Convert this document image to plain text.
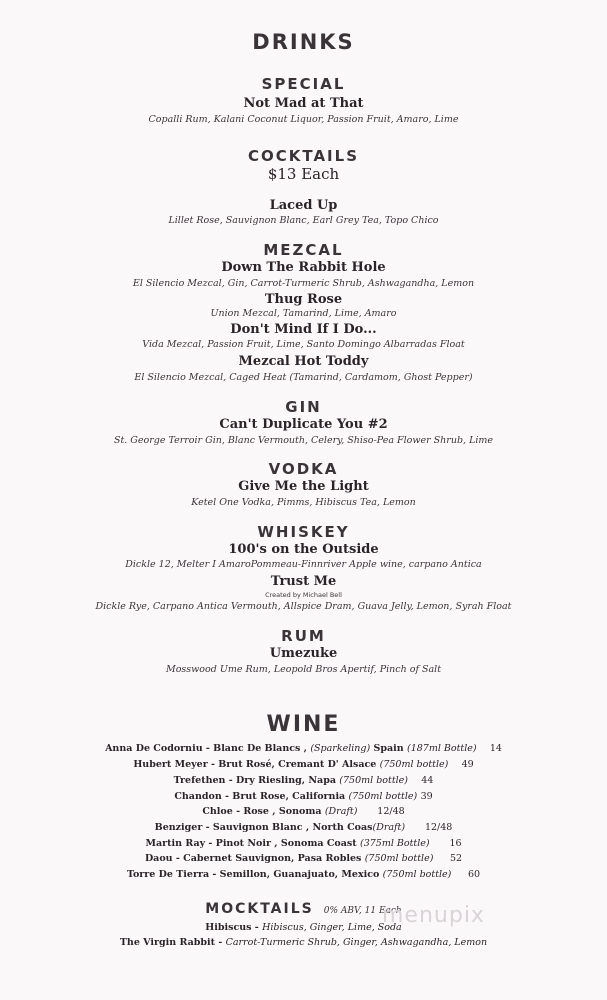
DRINKS
SPECIAL
Not Mad at That
Copalli Rum, Kalani Coconut Liquor, Passion Fruit, Amaro, Lime
COCKTAILS
$13 Each
Laced Up
Lillet Rose, Sauvignon Blanc, Earl Grey Tea, Topo Chico
MEZCAL
Down The Rabbit Hole
El Silencio Mezcal, Gin, Carrot-Turmeric Shrub, Ashwagandha, Lemon
Thug Rose
Union Mezcal, Tamarind, Lime, Amaro
Don't Mind If I Do...
Vida Mezcal, Passion Fruit, Lime, Santo Domingo Albarradas Float
Mezcal Hot Toddy
El Silencio Mezcal, Caged Heat (Tamarind, Cardamom, Ghost Pepper)
GIN
Can't Duplicate You #2
St. George Terroir Gin, Blanc Vermouth, Celery, Shiso-Pea Flower Shrub, Lime
VODKA
Give Me the Light
Ketel One Vodka, Pimms, Hibiscus Tea, Lemon
WHISKEY
100's on the Outside
Dickle 12, Melter I AmaroPommeau-Finnriver Apple wine, carpano Antica
Trust Me
Created by Michael Bell
Dickle Rye, Carpano Antica Vermouth, Allspice Dram, Guava Jelly, Lemon, Syrah Float
RUM
Umezuke
Mosswood Ume Rum, Leopold Bros Apertif, Pinch of Salt
WINE
Anna De Codorniu - Blanc De Blancs , (Sparkeling) Spain (187ml Bottle) 14
Hubert Meyer - Brut Rosé, Cremant D' Alsace (750ml bottle) 49
Trefethen - Dry Riesling, Napa (750ml bottle) 44
Chandon - Brut Rose, California (750ml bottle) 39
Chloe - Rose , Sonoma (Draft) 12/48
Benziger - Sauvignon Blanc , North Coas(Draft) 12/48
Martin Ray - Pinot Noir , Sonoma Coast (375ml Bottle) 16
Daou - Cabernet Sauvignon, Pasa Robles (750ml bottle) 52
Torre De Tierra - Semillon, Guanajuato, Mexico (750ml bottle) 60
MOCKTAILS 0% ABV, 11 Each
Hibiscus - Hibiscus, Ginger, Lime, Soda
The Virgin Rabbit - Carrot-Turmeric Shrub, Ginger, Ashwagandha, Lemon
menupix
